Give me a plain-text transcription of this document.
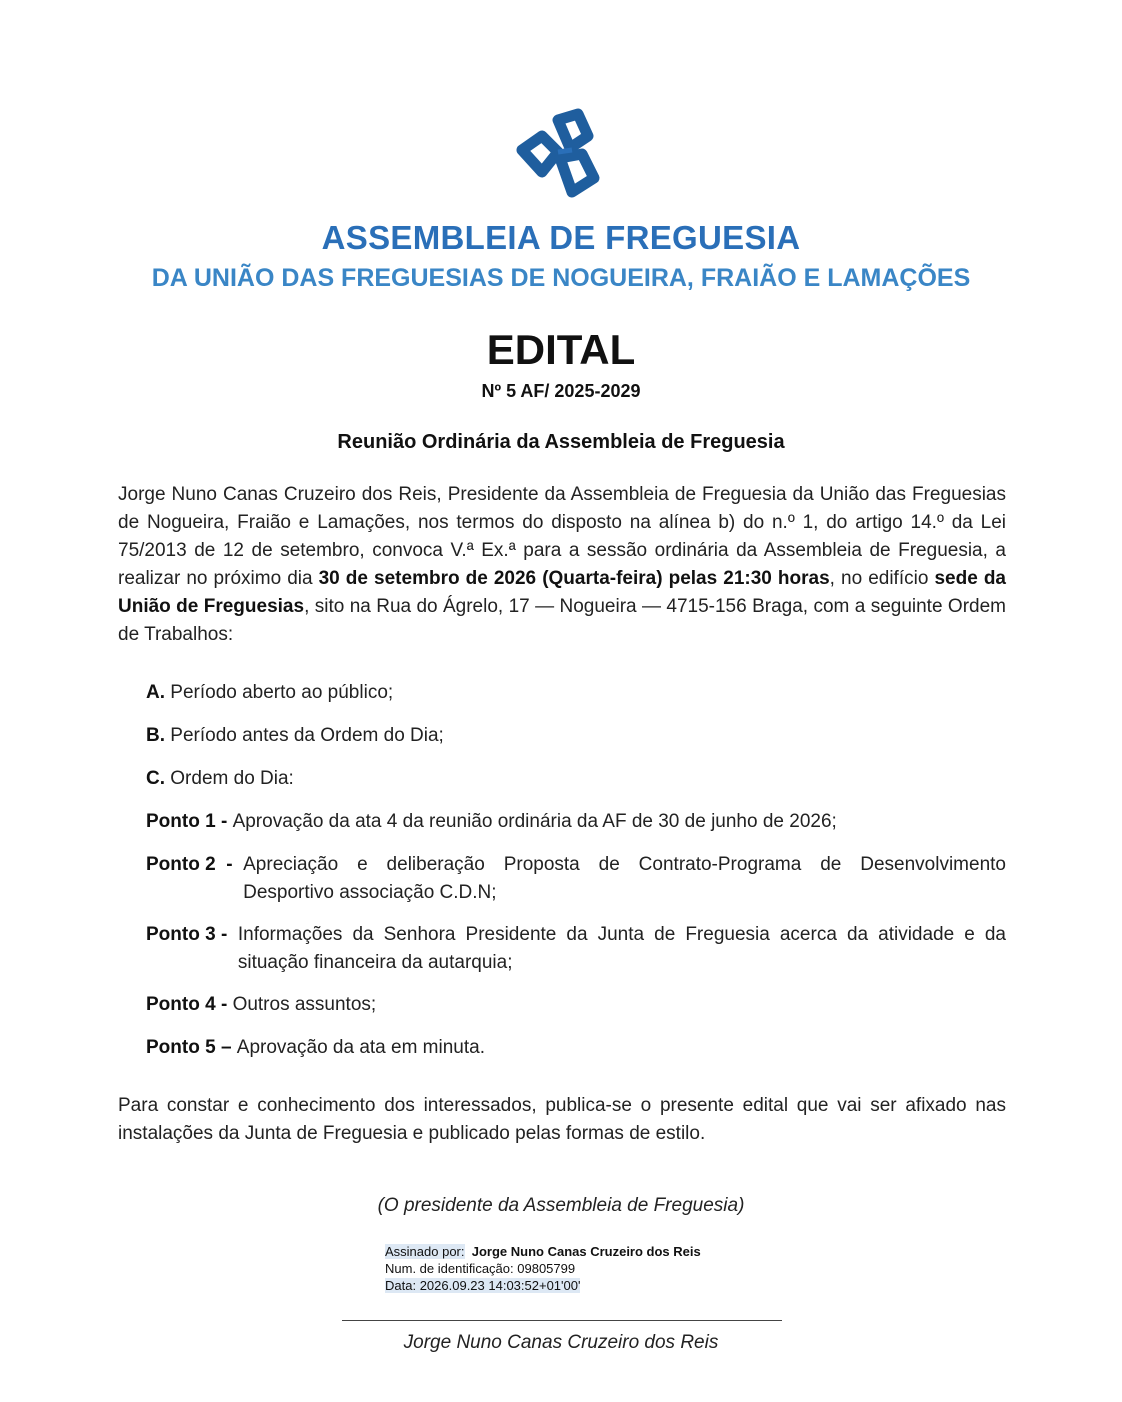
ASSEMBLEIA DE FREGUESIA
DA UNIÃO DAS FREGUESIAS DE NOGUEIRA, FRAIÃO E LAMAÇÕES
EDITAL

Nº 5 AF/ 2025-2029

Reunião Ordinária da Assembleia de Freguesia

Jorge Nuno Canas Cruzeiro dos Reis, Presidente da Assembleia de Freguesia da União das Freguesias de Nogueira, Fraião e Lamações, nos termos do disposto na alínea b) do n.º 1, do artigo 14.º da Lei 75/2013 de 12 de setembro, convoca V.ª Ex.ª para a sessão ordinária da Assembleia de Freguesia, a realizar no próximo dia 30 de setembro de 2026 (Quarta-feira) pelas 21:30 horas, no edifício sede da União de Freguesias, sito na Rua do Ágrelo, 17 — Nogueira — 4715-156 Braga, com a seguinte Ordem de Trabalhos:

A. Período aberto ao público;

B. Período antes da Ordem do Dia;

C. Ordem do Dia:

Ponto 1 - Aprovação da ata 4 da reunião ordinária da AF de 30 de junho de 2026;
Ponto 2  - Apreciação e deliberação Proposta de Contrato-Programa de Desenvolvimento Desportivo associação C.D.N;
Ponto 3 - Informações da Senhora Presidente da Junta de Freguesia acerca da atividade e da situação financeira da autarquia;
Ponto 4 - Outros assuntos;
Ponto 5 – Aprovação da ata em minuta.

Para constar e conhecimento dos interessados, publica-se o presente edital que vai ser afixado nas instalações da Junta de Freguesia e publicado pelas formas de estilo.

(O presidente da Assembleia de Freguesia)

Assinado por: Jorge Nuno Canas Cruzeiro dos Reis
Num. de identificação: 09805799
Data: 2026.09.23 14:03:52+01'00'

Jorge Nuno Canas Cruzeiro dos Reis
